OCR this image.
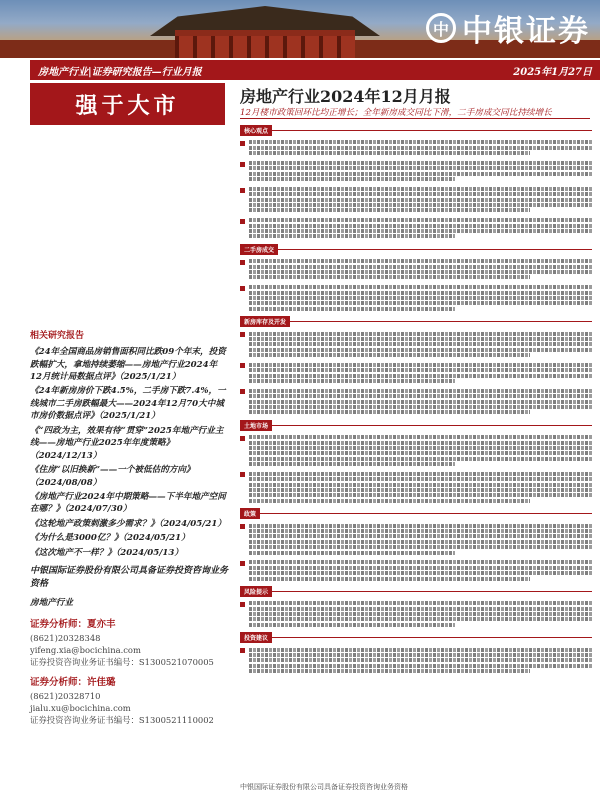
中 中银证券
房地产行业|证券研究报告—行业月报	2025年1月27日
强于大市	房地产行业2024年12月月报
12月楼市政策回环比均正增长；全年新房成交同比下滑，二手房成交同比持续增长
核心观点
二手房成交
新房库存及开发
土地市场
政策
风险提示
投资建议
相关研究报告
《24年全国商品房销售面积同比跌09个年末，投资跌幅扩大，拿地持续萎缩——房地产行业2024年12月统计局数据点评》（2025/1/21）
《24年新房房价下跌4.5%，二手房下跌7.4%，一线城市二手房跌幅最大——2024年12月70大中城市房价数据点评》（2025/1/21）
《“四政为主，效果有待“贯穿”2025年地产行业主线——房地产行业2025年年度策略》（2024/12/13）
《住房“以旧换新”——一个被低估的方向》（2024/08/08）
《房地产行业2024年中期策略——下半年地产空间在哪？》（2024/07/30）
《这轮地产政策刺激多少需求？》（2024/05/21）
《为什么是3000亿？》（2024/05/21）
《这次地产不一样？》（2024/05/13）
中银国际证券股份有限公司具备证券投资咨询业务资格
房地产行业
证券分析师：夏亦丰
(8621)20328348
yifeng.xia@bocichina.com
证券投资咨询业务证书编号：S1300521070005
证券分析师：许佳璐
(8621)20328710
jialu.xu@bocichina.com
证券投资咨询业务证书编号：S1300521110002
中银国际证券股份有限公司具备证券投资咨询业务资格
